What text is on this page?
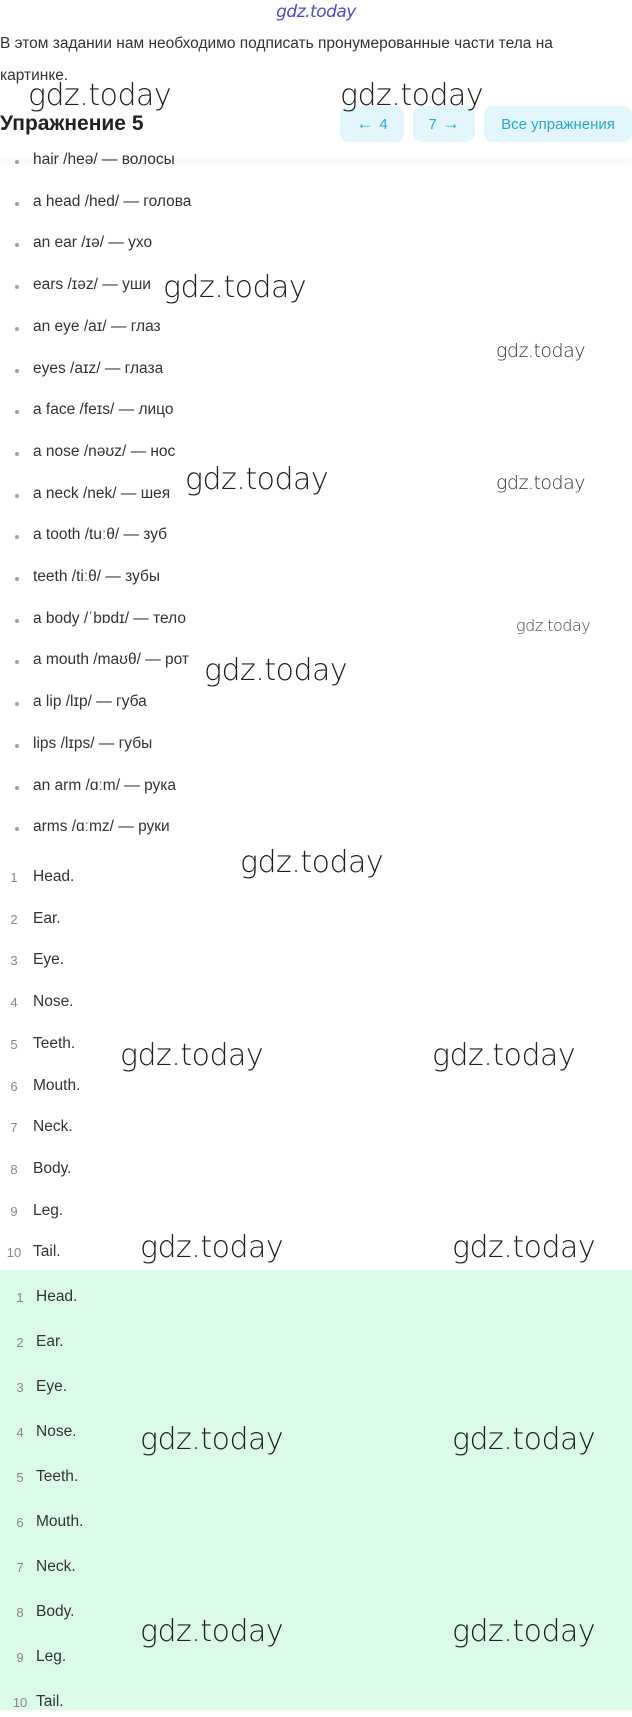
gdz.today
В этом задании нам необходимо подписать пронумерованные части тела на картинке.
Упражнение 5	← 4	7 →	Все упражнения
hair /heə/ — волосы
a head /hed/ — голова
an ear /ɪə/ — ухо
ears /ɪəz/ — уши
an eye /aɪ/ — глаз
eyes /aɪz/ — глаза
a face /feɪs/ — лицо
a nose /nəʊz/ — нос
a neck /nek/ — шея
a tooth /tuːθ/ — зуб
teeth /tiːθ/ — зубы
a body /ˈbɒdɪ/ — тело
a mouth /maʊθ/ — рот
a lip /lɪp/ — губа
lips /lɪps/ — губы
an arm /ɑːm/ — рука
arms /ɑːmz/ — руки
1 Head.
2 Ear.
3 Eye.
4 Nose.
5 Teeth.
6 Mouth.
7 Neck.
8 Body.
9 Leg.
10 Tail.
1 Head.
2 Ear.
3 Eye.
4 Nose.
5 Teeth.
6 Mouth.
7 Neck.
8 Body.
9 Leg.
10 Tail.
gdz.today	gdz.today
gdz.today
gdz.today
gdz.today	gdz.today
gdz.today
gdz.today
gdz.today
gdz.today	gdz.today
gdz.today	gdz.today
gdz.today	gdz.today
gdz.today	gdz.today
